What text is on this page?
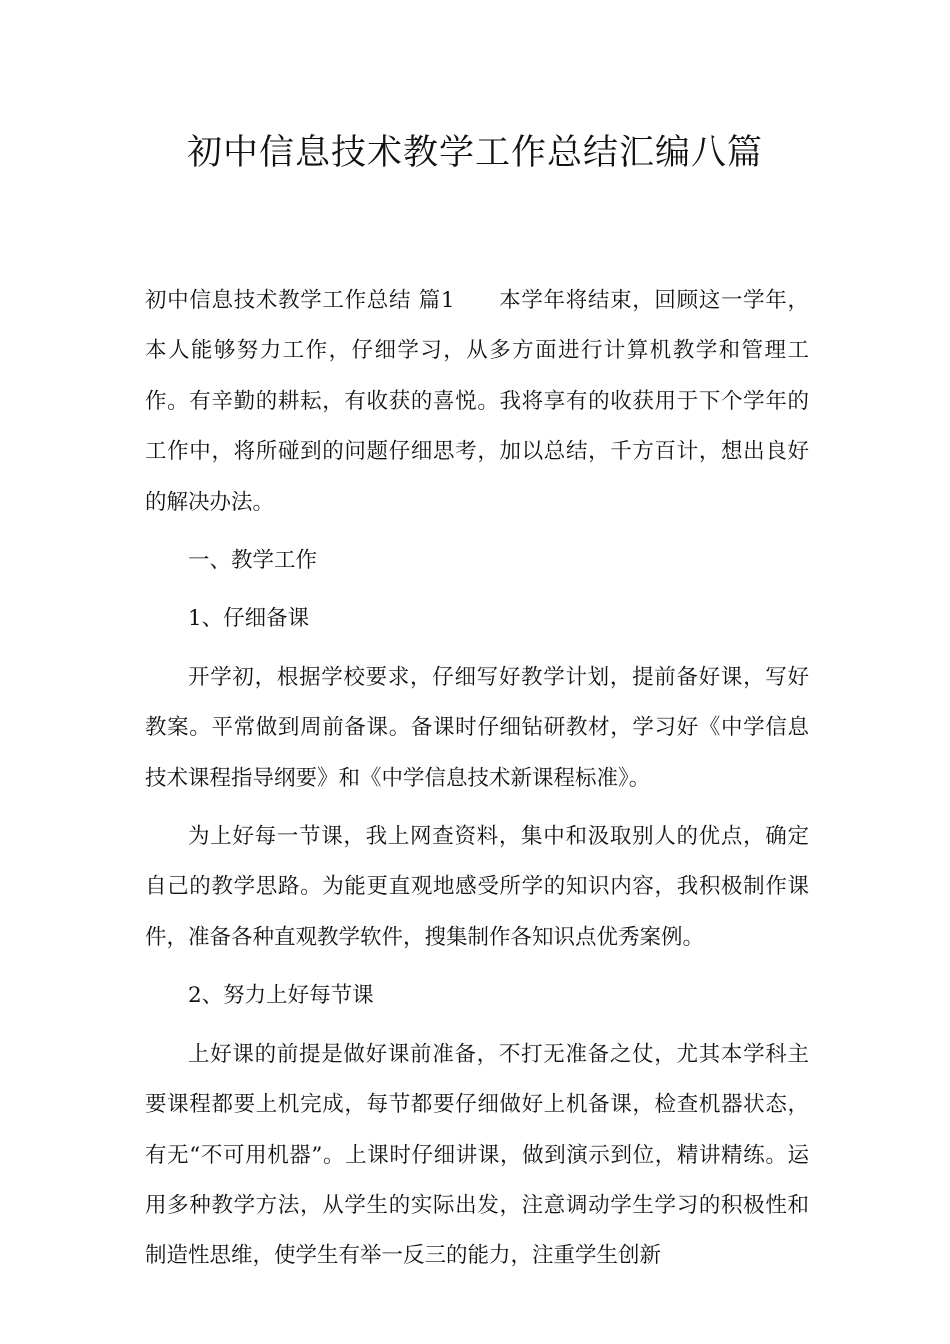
初中信息技术教学工作总结汇编八篇

初中信息技术教学工作总结 篇1 本学年将结束，回顾这一学年，本人能够努力工作，仔细学习，从多方面进行计算机教学和管理工作。有辛勤的耕耘，有收获的喜悦。我将享有的收获用于下个学年的工作中，将所碰到的问题仔细思考，加以总结，千方百计，想出良好的解决办法。

一、教学工作

1、仔细备课

开学初，根据学校要求，仔细写好教学计划，提前备好课，写好教案。平常做到周前备课。备课时仔细钻研教材，学习好《中学信息技术课程指导纲要》和《中学信息技术新课程标准》。

为上好每一节课，我上网查资料，集中和汲取别人的优点，确定自己的教学思路。为能更直观地感受所学的知识内容，我积极制作课件，准备各种直观教学软件，搜集制作各知识点优秀案例。

2、努力上好每节课

上好课的前提是做好课前准备，不打无准备之仗，尤其本学科主要课程都要上机完成，每节都要仔细做好上机备课，检查机器状态，有无“不可用机器”。上课时仔细讲课，做到演示到位，精讲精练。运用多种教学方法，从学生的实际出发，注意调动学生学习的积极性和制造性思维，使学生有举一反三的能力，注重学生创新
